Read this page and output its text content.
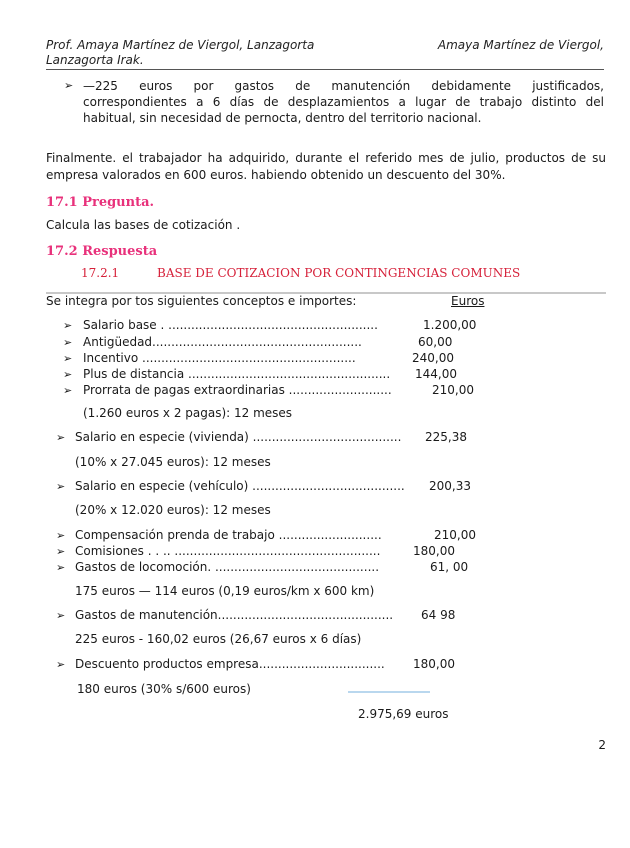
Prof. Amaya Martínez de Viergol, Lanzagorta
Lanzagorta Irak.
Amaya Martínez de Viergol,
➢ —225 euros por gastos de manutención debidamente justificados,
correspondientes a 6 días de desplazamientos a lugar de trabajo distinto del
habitual, sin necesidad de pernocta, dentro del territorio nacional.
Finalmente. el trabajador ha adquirido, durante el referido mes de julio, productos de su
empresa valorados en 600 euros. habiendo obtenido un descuento del 30%.
17.1 Pregunta.
Calcula las bases de cotización .
17.2 Respuesta
17.2.1	BASE DE COTIZACION POR CONTINGENCIAS COMUNES
Se integra por tos siguientes conceptos e importes:	Euros
➢ Salario base . .......................................................	1.200,00
➢ Antigüedad.......................................................	60,00
➢ Incentivo ........................................................	240,00
➢ Plus de distancia ..................................................... 144,00
➢ Prorrata de pagas extraordinarias ...........................	210,00
(1.260 euros x 2 pagas): 12 meses
➢ Salario en especie (vivienda) ....................................... 225,38
(10% x 27.045 euros): 12 meses
➢ Salario en especie (vehículo) ........................................ 200,33
(20% x 12.020 euros): 12 meses
➢ Compensación prenda de trabajo ...........................	210,00
➢ Comisiones . . .. ......................................................	180,00
➢ Gastos de locomoción. ...........................................	61, 00
175 euros — 114 euros (0,19 euros/km x 600 km)
➢ Gastos de manutención.............................................. 64 98
225 euros - 160,02 euros (26,67 euros x 6 días)
➢ Descuento productos empresa................................. 180,00
180 euros (30% s/600 euros)
2.975,69 euros
2
